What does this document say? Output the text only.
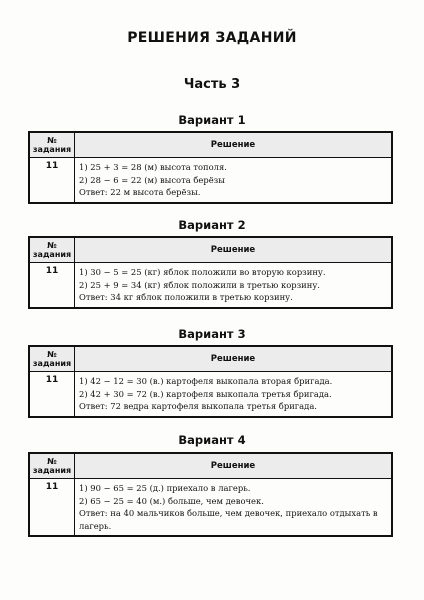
РЕШЕНИЯ ЗАДАНИЙ
Часть 3
Вариант 1
№
задания	Решение
11	1) 25 + 3 = 28 (м) высота тополя.
2) 28 − 6 = 22 (м) высота берёзы
Ответ: 22 м высота берёзы.
Вариант 2
№
задания	Решение
11	1) 30 − 5 = 25 (кг) яблок положили во вторую корзину.
2) 25 + 9 = 34 (кг) яблок положили в третью корзину.
Ответ: 34 кг яблок положили в третью корзину.
Вариант 3
№
задания	Решение
11	1) 42 − 12 = 30 (в.) картофеля выкопала вторая бригада.
2) 42 + 30 = 72 (в.) картофеля выкопала третья бригада.
Ответ: 72 ведра картофеля выкопала третья бригада.
Вариант 4
№
задания	Решение
11	1) 90 − 65 = 25 (д.) приехало в лагерь.
2) 65 − 25 = 40 (м.) больше, чем девочек.
Ответ: на 40 мальчиков больше, чем девочек, приехало отдыхать в лагерь.
